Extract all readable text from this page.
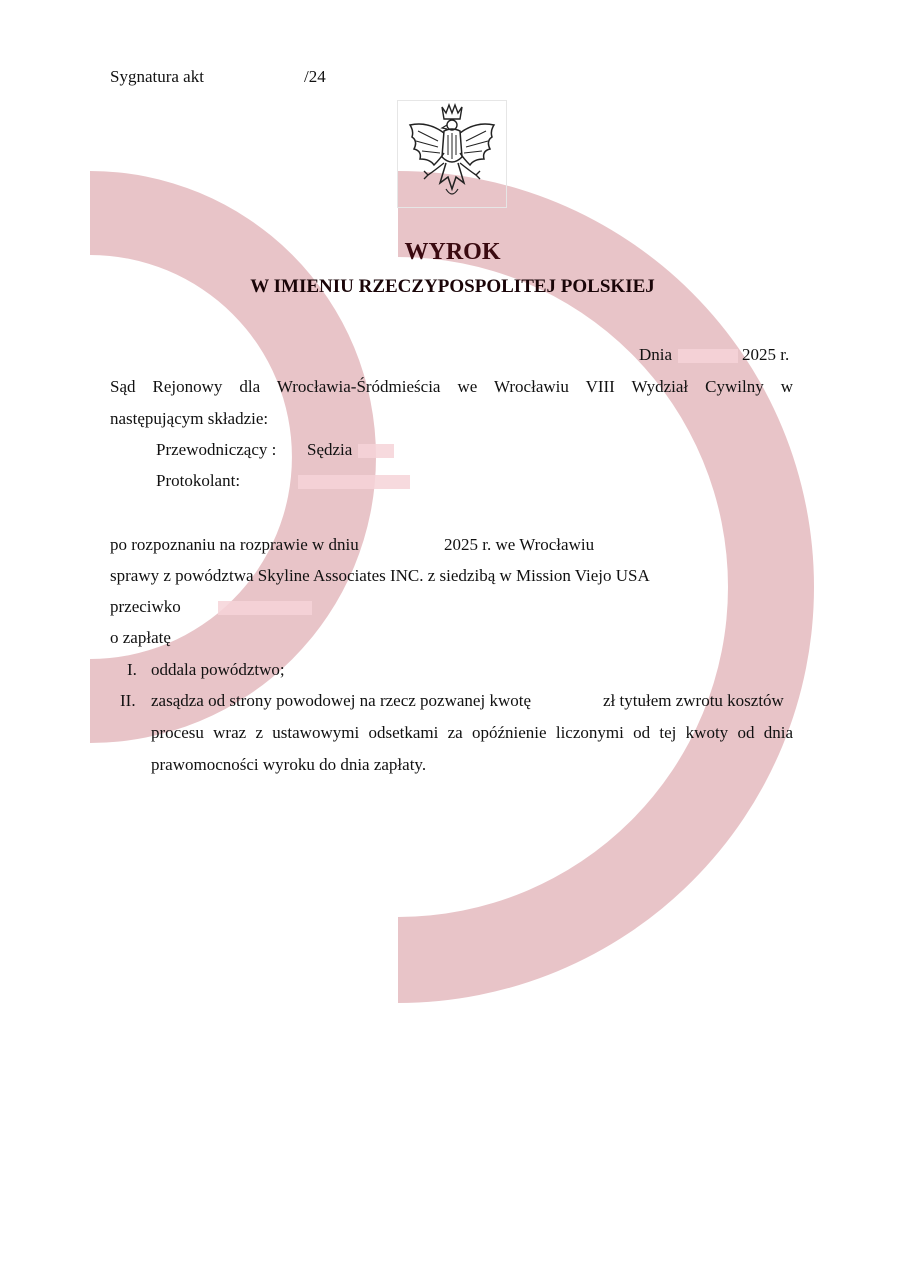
Sygnatura akt	/24
WYROK
W IMIENIU RZECZYPOSPOLITEJ POLSKIEJ
Dnia	2025 r.
Sąd Rejonowy dla Wrocławia-Śródmieścia we Wrocławiu VIII Wydział Cywilny w
następującym składzie:
Przewodniczący : Sędzia
Protokolant:
po rozpoznaniu na rozprawie w dniu	2025 r. we Wrocławiu
sprawy z powództwa Skyline Associates INC. z siedzibą w Mission Viejo USA
przeciwko
o zapłatę
I. oddala powództwo;
II. zasądza od strony powodowej na rzecz pozwanej kwotę	zł tytułem zwrotu kosztów
procesu wraz z ustawowymi odsetkami za opóźnienie liczonymi od tej kwoty od dnia
prawomocności wyroku do dnia zapłaty.
